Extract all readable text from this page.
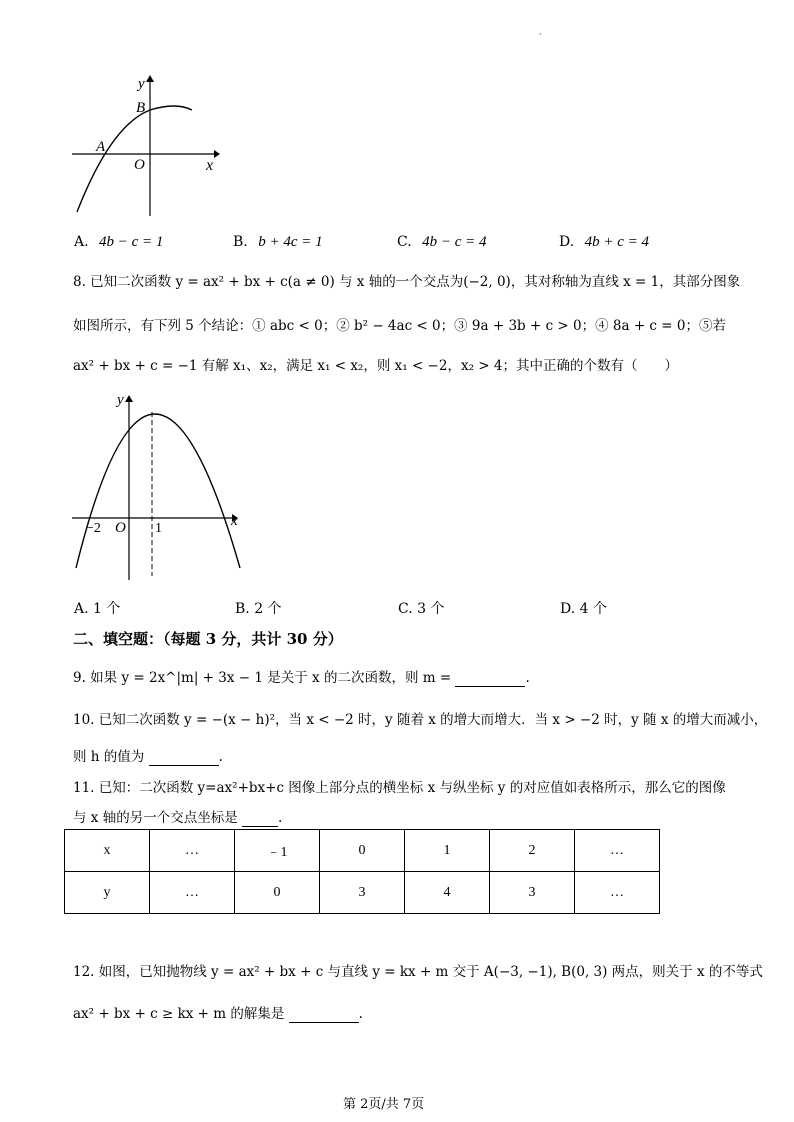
·
y
B
A
O	x
A. 4b − c = 1	B. b + 4c = 1	C. 4b − c = 4	D. 4b + c = 4
8. 已知二次函数 y = ax² + bx + c(a ≠ 0) 与 x 轴的一个交点为(−2, 0)，其对称轴为直线 x = 1，其部分图象
如图所示，有下列 5 个结论：① abc < 0；② b² − 4ac < 0；③ 9a + 3b + c > 0；④ 8a + c = 0；⑤若
ax² + bx + c = −1 有解 x₁、x₂，满足 x₁ < x₂，则 x₁ < −2，x₂ > 4；其中正确的个数有（　　）
y
−2 O 1	x
A. 1 个	B. 2 个	C. 3 个	D. 4 个
二、填空题：（每题 3 分，共计 30 分）
9. 如果 y = 2x^|m| + 3x − 1 是关于 x 的二次函数，则 m =	.
10. 已知二次函数 y = −(x − h)²，当 x < −2 时，y 随着 x 的增大而增大．当 x > −2 时，y 随 x 的增大而减小，
则 h 的值为	.
11. 已知：二次函数 y=ax²+bx+c 图像上部分点的横坐标 x 与纵坐标 y 的对应值如表格所示，那么它的图像
与 x 轴的另一个交点坐标是	.
x	…	﹣1	0	1	2	…
y	…	0	3	4	3	…
12. 如图，已知抛物线 y = ax² + bx + c 与直线 y = kx + m 交于 A(−3, −1), B(0, 3) 两点，则关于 x 的不等式
ax² + bx + c ≥ kx + m 的解集是	.
第 2页/共 7页
